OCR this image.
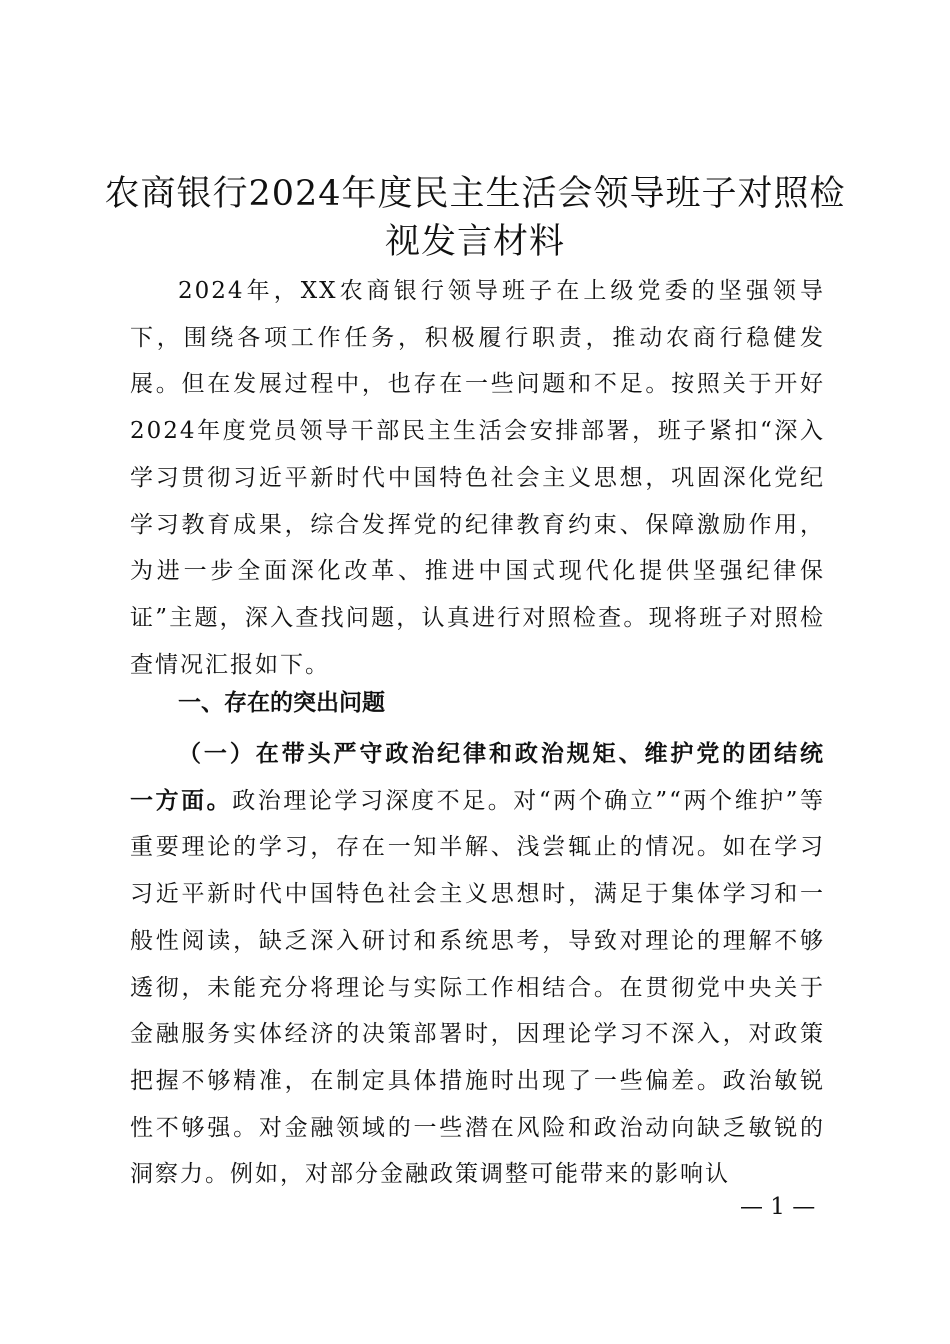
农商银行2024年度民主生活会领导班子对照检视发言材料
2024年，XX农商银行领导班子在上级党委的坚强领导下，围绕各项工作任务，积极履行职责，推动农商行稳健发展。但在发展过程中，也存在一些问题和不足。按照关于开好2024年度党员领导干部民主生活会安排部署，班子紧扣“深入学习贯彻习近平新时代中国特色社会主义思想，巩固深化党纪学习教育成果，综合发挥党的纪律教育约束、保障激励作用，为进一步全面深化改革、推进中国式现代化提供坚强纪律保证”主题，深入查找问题，认真进行对照检查。现将班子对照检查情况汇报如下。
一、存在的突出问题
（一）在带头严守政治纪律和政治规矩、维护党的团结统一方面。政治理论学习深度不足。对“两个确立”“两个维护”等重要理论的学习，存在一知半解、浅尝辄止的情况。如在学习习近平新时代中国特色社会主义思想时，满足于集体学习和一般性阅读，缺乏深入研讨和系统思考，导致对理论的理解不够透彻，未能充分将理论与实际工作相结合。在贯彻党中央关于金融服务实体经济的决策部署时，因理论学习不深入，对政策把握不够精准，在制定具体措施时出现了一些偏差。政治敏锐性不够强。对金融领域的一些潜在风险和政治动向缺乏敏锐的洞察力。例如，对部分金融政策调整可能带来的影响认
— 1 —
